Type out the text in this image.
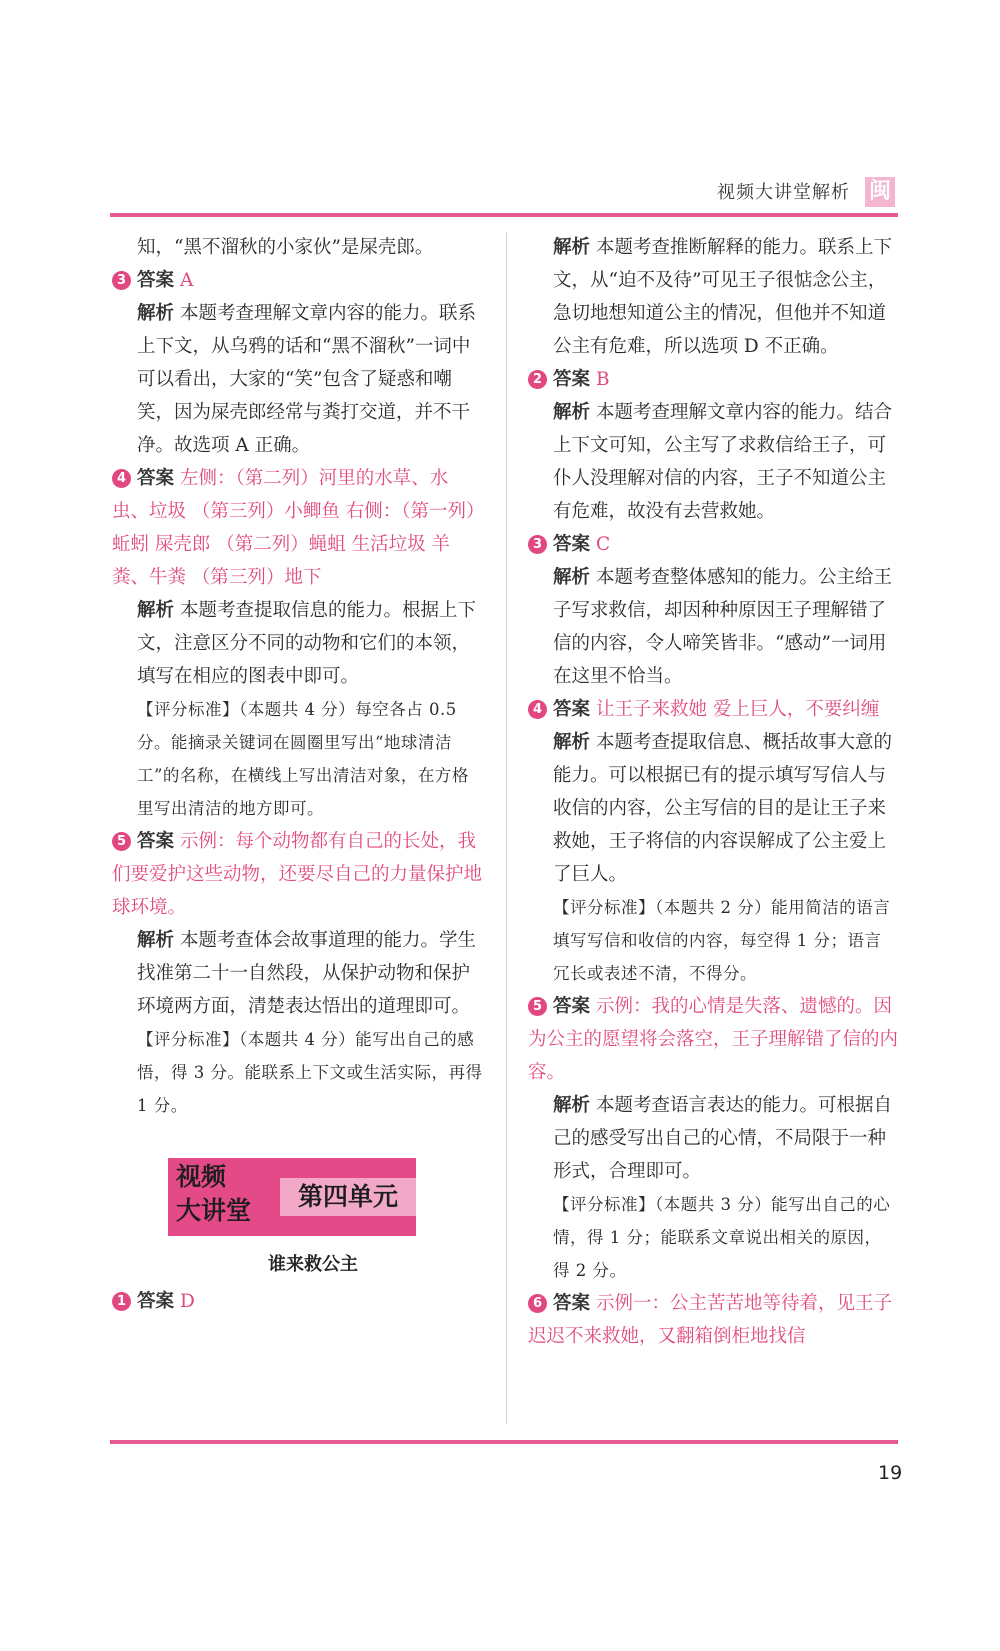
视频大讲堂解析 闽
知，“黑不溜秋的小家伙”是屎壳郎。
3 答案 A
解析 本题考查理解文章内容的能力。联系上下文，从乌鸦的话和“黑不溜秋”一词中可以看出，大家的“笑”包含了疑惑和嘲笑，因为屎壳郎经常与粪打交道，并不干净。故选项 A 正确。
4 答案 左侧：（第二列）河里的水草、水虫、垃圾 （第三列）小鲫鱼 右侧：（第一列）蚯蚓 屎壳郎 （第二列）蝇蛆 生活垃圾 羊粪、牛粪 （第三列）地下
解析 本题考查提取信息的能力。根据上下文，注意区分不同的动物和它们的本领，填写在相应的图表中即可。
【评分标准】（本题共 4 分）每空各占 0.5 分。能摘录关键词在圆圈里写出“地球清洁工”的名称，在横线上写出清洁对象，在方格里写出清洁的地方即可。
5 答案 示例：每个动物都有自己的长处，我们要爱护这些动物，还要尽自己的力量保护地球环境。
解析 本题考查体会故事道理的能力。学生找准第二十一自然段，从保护动物和保护环境两方面，清楚表达悟出的道理即可。
【评分标准】（本题共 4 分）能写出自己的感悟，得 3 分。能联系上下文或生活实际，再得 1 分。
视频
大讲堂	第四单元
谁来救公主
1 答案 D
解析 本题考查推断解释的能力。联系上下文，从“迫不及待”可见王子很惦念公主，急切地想知道公主的情况，但他并不知道公主有危难，所以选项 D 不正确。
2 答案 B
解析 本题考查理解文章内容的能力。结合上下文可知，公主写了求救信给王子，可仆人没理解对信的内容，王子不知道公主有危难，故没有去营救她。
3 答案 C
解析 本题考查整体感知的能力。公主给王子写求救信，却因种种原因王子理解错了信的内容，令人啼笑皆非。“感动”一词用在这里不恰当。
4 答案 让王子来救她 爱上巨人，不要纠缠
解析 本题考查提取信息、概括故事大意的能力。可以根据已有的提示填写写信人与收信的内容，公主写信的目的是让王子来救她，王子将信的内容误解成了公主爱上了巨人。
【评分标准】（本题共 2 分）能用简洁的语言填写写信和收信的内容，每空得 1 分；语言冗长或表述不清，不得分。
5 答案 示例：我的心情是失落、遗憾的。因为公主的愿望将会落空，王子理解错了信的内容。
解析 本题考查语言表达的能力。可根据自己的感受写出自己的心情，不局限于一种形式，合理即可。
【评分标准】（本题共 3 分）能写出自己的心情，得 1 分；能联系文章说出相关的原因，得 2 分。
6 答案 示例一：公主苦苦地等待着，见王子迟迟不来救她，又翻箱倒柜地找信
19
